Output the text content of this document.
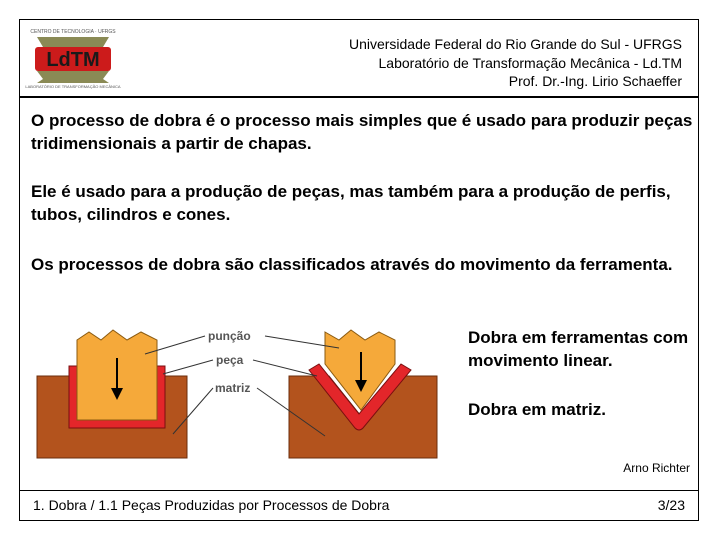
CENTRO DE TECNOLOGIA · UFRGS
LdTM
LABORATÓRIO DE TRANSFORMAÇÃO MECÂNICA
Universidade Federal do Rio Grande do Sul - UFRGS
Laboratório de Transformação Mecânica - Ld.TM
Prof. Dr.-Ing. Lirio Schaeffer
O processo de dobra é o processo mais simples que é usado para produzir peças tridimensionais a partir de chapas.
Ele é usado para a produção de peças, mas também para a produção de perfis, tubos, cilindros e cones.
Os processos de dobra são classificados através do movimento da ferramenta.
punção
peça
matriz
Dobra em ferramentas com movimento linear.
Dobra em matriz.
Arno Richter
1. Dobra / 1.1 Peças Produzidas por Processos de Dobra	3/23
